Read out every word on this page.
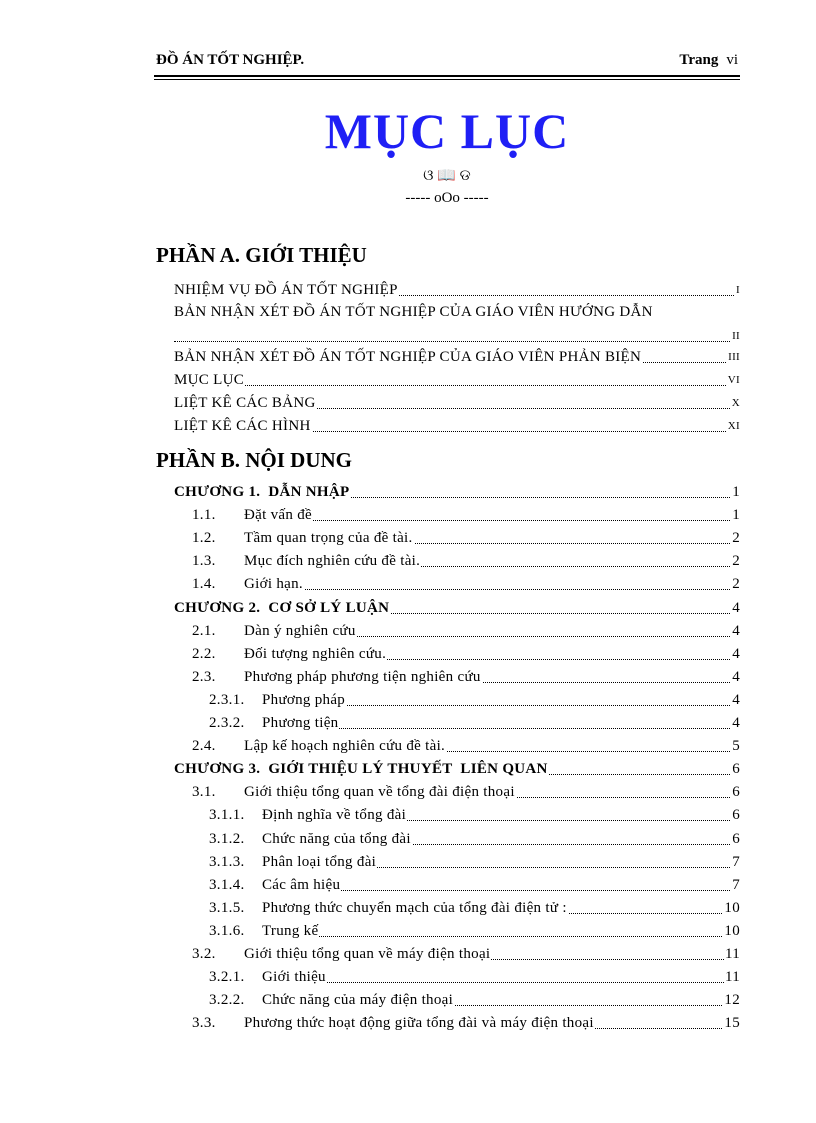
ĐỒ ÁN TỐT NGHIỆP.	Trang vi
MỤC LỤC
ଓ 📖 ଡ
----- oOo -----
PHẦN A. GIỚI THIỆU
NHIỆM VỤ ĐỒ ÁN TỐT NGHIỆP	I
BẢN NHẬN XÉT ĐỒ ÁN TỐT NGHIỆP CỦA GIÁO VIÊN HƯỚNG DẪN
II
BẢN NHẬN XÉT ĐỒ ÁN TỐT NGHIỆP CỦA GIÁO VIÊN PHẢN BIỆN	III
MỤC LỤC	VI
LIỆT KÊ CÁC BẢNG	X
LIỆT KÊ CÁC HÌNH	XI
PHẦN B. NỘI DUNG
CHƯƠNG 1. DẪN NHẬP	1
1.1. Đặt vấn đề	1
1.2. Tầm quan trọng của đề tài.	2
1.3. Mục đích nghiên cứu đề tài.	2
1.4. Giới hạn.	2
CHƯƠNG 2. CƠ SỞ LÝ LUẬN	4
2.1. Dàn ý nghiên cứu	4
2.2. Đối tượng nghiên cứu.	4
2.3. Phương pháp phương tiện nghiên cứu	4
2.3.1. Phương pháp	4
2.3.2. Phương tiện	4
2.4. Lập kế hoạch nghiên cứu đề tài.	5
CHƯƠNG 3. GIỚI THIỆU LÝ THUYẾT  LIÊN QUAN	6
3.1. Giới thiệu tổng quan về tổng đài điện thoại	6
3.1.1. Định nghĩa về tổng đài	6
3.1.2. Chức năng của tổng đài	6
3.1.3. Phân loại tổng đài	7
3.1.4. Các âm hiệu	7
3.1.5. Phương thức chuyển mạch của tổng đài điện tử :	10
3.1.6. Trung kế	10
3.2. Giới thiệu tổng quan về máy điện thoại	11
3.2.1. Giới thiệu	11
3.2.2. Chức năng của máy điện thoại	12
3.3. Phương thức hoạt động giữa tổng đài và máy điện thoại	15
